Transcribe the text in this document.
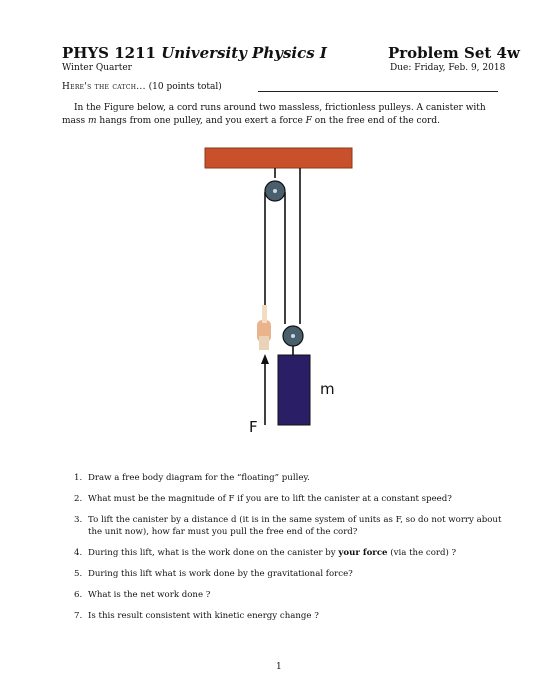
PHYS 1211 University Physics I	Problem Set 4w
Winter Quarter	Due: Friday, Feb. 9, 2018
Here's the catch... (10 points total)
In the Figure below, a cord runs around two massless, frictionless pulleys. A canister with mass m hangs from one pulley, and you exert a force F on the free end of the cord.
m
F
1. Draw a free body diagram for the “floating” pulley.
2. What must be the magnitude of F if you are to lift the canister at a constant speed?
3. To lift the canister by a distance d (it is in the same system of units as F, so do not worry about the unit now), how far must you pull the free end of the cord?
4. During this lift, what is the work done on the canister by your force (via the cord) ?
5. During this lift what is work done by the gravitational force?
6. What is the net work done ?
7. Is this result consistent with kinetic energy change ?
1
